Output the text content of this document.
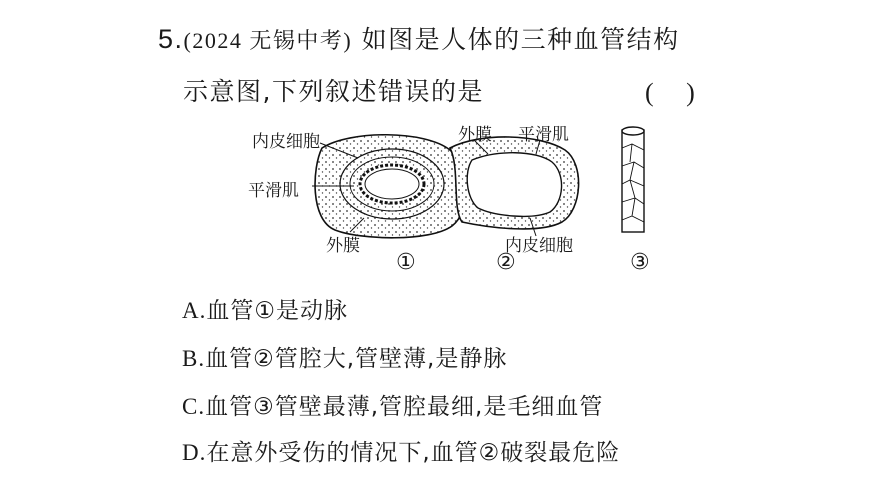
5.(2024 无锡中考) 如图是人体的三种血管结构
示意图,下列叙述错误的是	(　 )
内皮细胞
平滑肌
外膜
外膜 平滑肌
内皮细胞
①	②	③
A.血管①是动脉
B.血管②管腔大,管壁薄,是静脉
C.血管③管壁最薄,管腔最细,是毛细血管
D.在意外受伤的情况下,血管②破裂最危险
